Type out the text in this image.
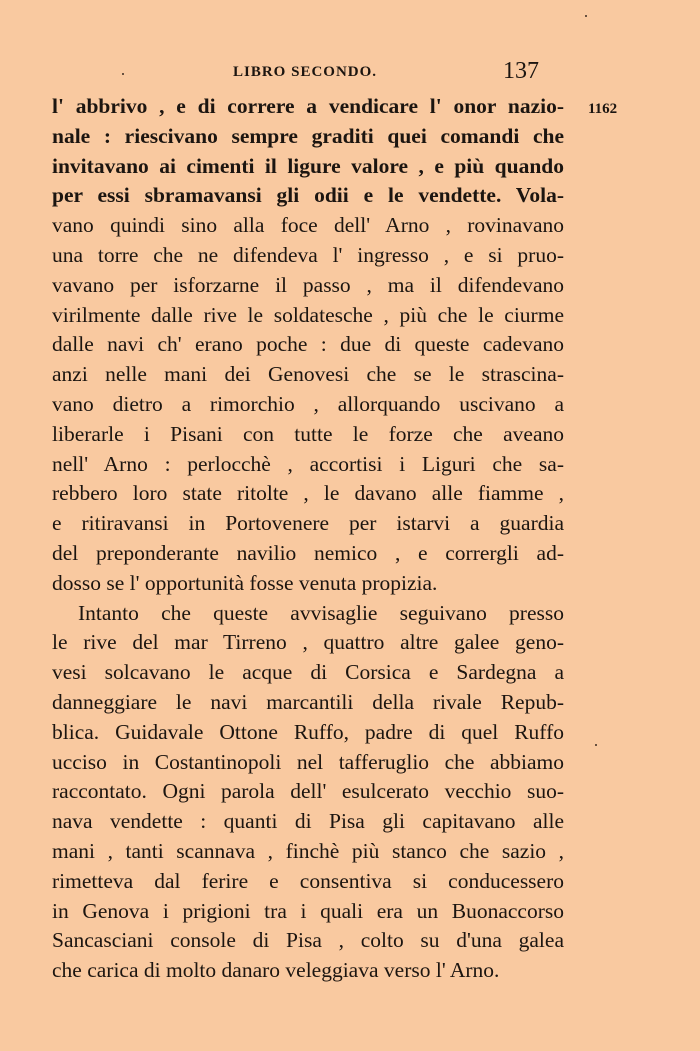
LIBRO SECONDO.	137
1162
l' abbrivo , e di correre a vendicare l' onor nazio-
nale : riescivano sempre graditi quei comandi che
invitavano ai cimenti il ligure valore , e più quando
per essi sbramavansi gli odii e le vendette. Vola-
vano quindi sino alla foce dell' Arno , rovinavano
una torre che ne difendeva l' ingresso , e si pruo-
vavano per isforzarne il passo , ma il difendevano
virilmente dalle rive le soldatesche , più che le ciurme
dalle navi ch' erano poche : due di queste cadevano
anzi nelle mani dei Genovesi che se le strascina-
vano dietro a rimorchio , allorquando uscivano a
liberarle i Pisani con tutte le forze che aveano
nell' Arno : perlocchè , accortisi i Liguri che sa-
rebbero loro state ritolte , le davano alle fiamme ,
e ritiravansi in Portovenere per istarvi a guardia
del preponderante navilio nemico , e corrergli ad-
dosso se l' opportunità fosse venuta propizia.
Intanto che queste avvisaglie seguivano presso
le rive del mar Tirreno , quattro altre galee geno-
vesi solcavano le acque di Corsica e Sardegna a
danneggiare le navi marcantili della rivale Repub-
blica. Guidavale Ottone Ruffo, padre di quel Ruffo
ucciso in Costantinopoli nel tafferuglio che abbiamo
raccontato. Ogni parola dell' esulcerato vecchio suo-
nava vendette : quanti di Pisa gli capitavano alle
mani , tanti scannava , finchè più stanco che sazio ,
rimetteva dal ferire e consentiva si conducessero
in Genova i prigioni tra i quali era un Buonaccorso
Sancasciani console di Pisa , colto su d'una galea
che carica di molto danaro veleggiava verso l' Arno.
